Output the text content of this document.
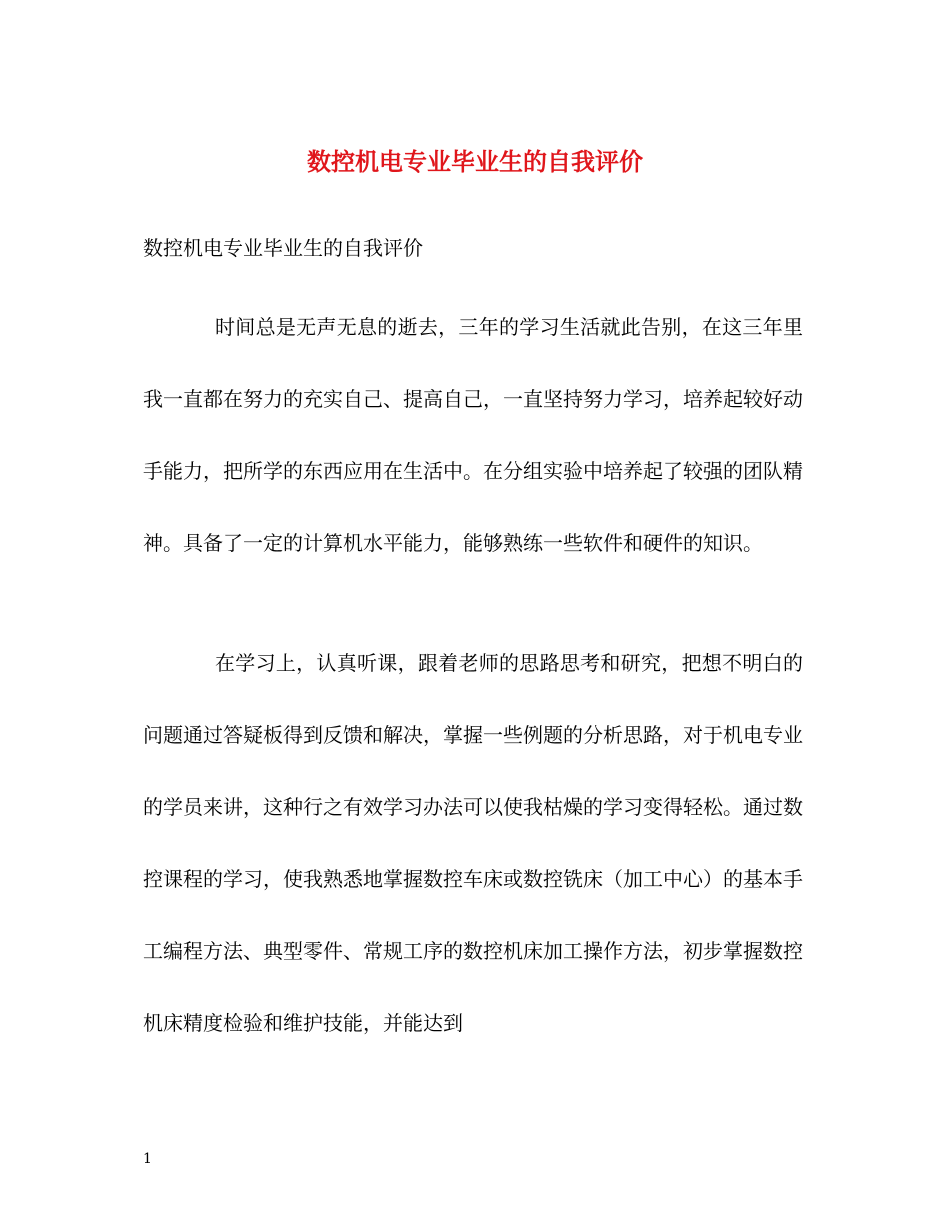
数控机电专业毕业生的自我评价
数控机电专业毕业生的自我评价

时间总是无声无息的逝去，三年的学习生活就此告别，在这三年里我一直都在努力的充实自己、提高自己，一直坚持努力学习，培养起较好动手能力，把所学的东西应用在生活中。在分组实验中培养起了较强的团队精神。具备了一定的计算机水平能力，能够熟练一些软件和硬件的知识。

在学习上，认真听课，跟着老师的思路思考和研究，把想不明白的问题通过答疑板得到反馈和解决，掌握一些例题的分析思路，对于机电专业的学员来讲，这种行之有效学习办法可以使我枯燥的学习变得轻松。通过数控课程的学习，使我熟悉地掌握数控车床或数控铣床（加工中心）的基本手工编程方法、典型零件、常规工序的数控机床加工操作方法，初步掌握数控机床精度检验和维护技能，并能达到

1
